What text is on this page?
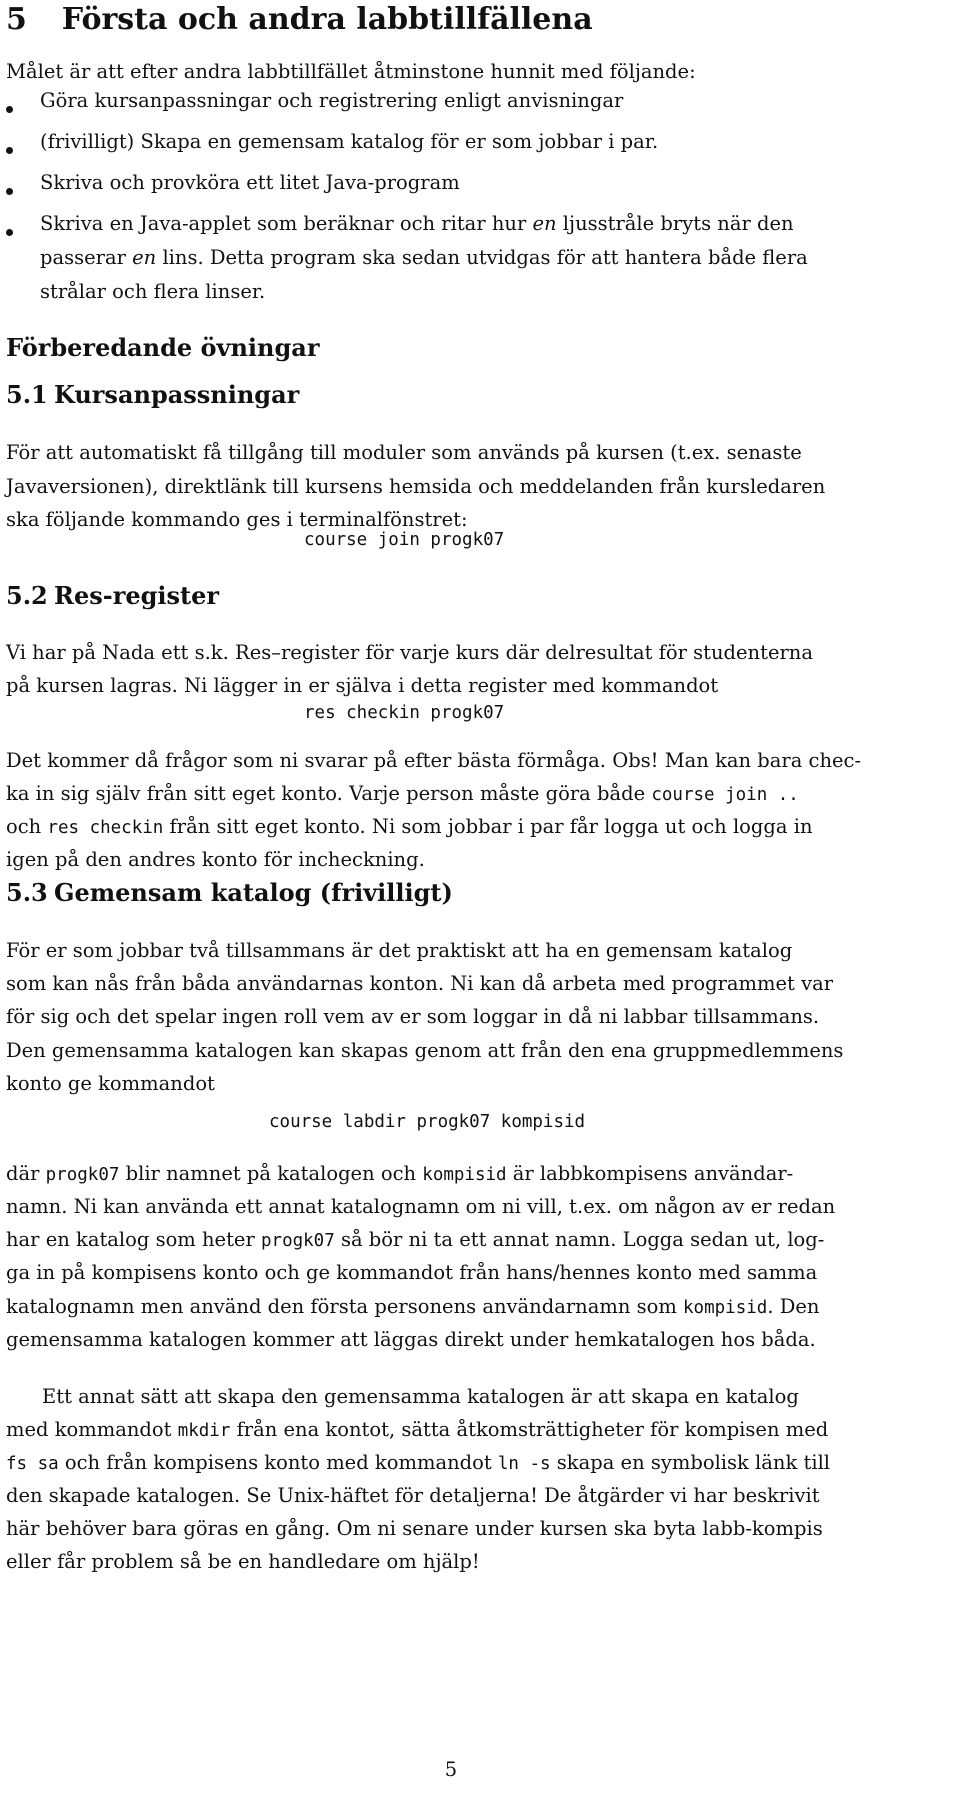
5 Första och andra labbtillfällena
Målet är att efter andra labbtillfället åtminstone hunnit med följande:
Göra kursanpassningar och registrering enligt anvisningar
(frivilligt) Skapa en gemensam katalog för er som jobbar i par.
Skriva och provköra ett litet Java-program
Skriva en Java-applet som beräknar och ritar hur en ljusstråle bryts när den
passerar en lins. Detta program ska sedan utvidgas för att hantera både flera
strålar och flera linser.
Förberedande övningar
5.1 Kursanpassningar
För att automatiskt få tillgång till moduler som används på kursen (t.ex. senaste
Javaversionen), direktlänk till kursens hemsida och meddelanden från kursledaren
ska följande kommando ges i terminalfönstret:
course join progk07
5.2 Res-register
Vi har på Nada ett s.k. Res–register för varje kurs där delresultat för studenterna
på kursen lagras. Ni lägger in er själva i detta register med kommandot
res checkin progk07
Det kommer då frågor som ni svarar på efter bästa förmåga. Obs! Man kan bara chec-
ka in sig själv från sitt eget konto. Varje person måste göra både course join ..
och res checkin från sitt eget konto. Ni som jobbar i par får logga ut och logga in
igen på den andres konto för incheckning.
5.3 Gemensam katalog (frivilligt)
För er som jobbar två tillsammans är det praktiskt att ha en gemensam katalog
som kan nås från båda användarnas konton. Ni kan då arbeta med programmet var
för sig och det spelar ingen roll vem av er som loggar in då ni labbar tillsammans.
Den gemensamma katalogen kan skapas genom att från den ena gruppmedlemmens
konto ge kommandot
course labdir progk07 kompisid
där progk07 blir namnet på katalogen och kompisid är labbkompisens användar-
namn. Ni kan använda ett annat katalognamn om ni vill, t.ex. om någon av er redan
har en katalog som heter progk07 så bör ni ta ett annat namn. Logga sedan ut, log-
ga in på kompisens konto och ge kommandot från hans/hennes konto med samma
katalognamn men använd den första personens användarnamn som kompisid. Den
gemensamma katalogen kommer att läggas direkt under hemkatalogen hos båda.
Ett annat sätt att skapa den gemensamma katalogen är att skapa en katalog
med kommandot mkdir från ena kontot, sätta åtkomsträttigheter för kompisen med
fs sa och från kompisens konto med kommandot ln -s skapa en symbolisk länk till
den skapade katalogen. Se Unix-häftet för detaljerna! De åtgärder vi har beskrivit
här behöver bara göras en gång. Om ni senare under kursen ska byta labb-kompis
eller får problem så be en handledare om hjälp!
5
